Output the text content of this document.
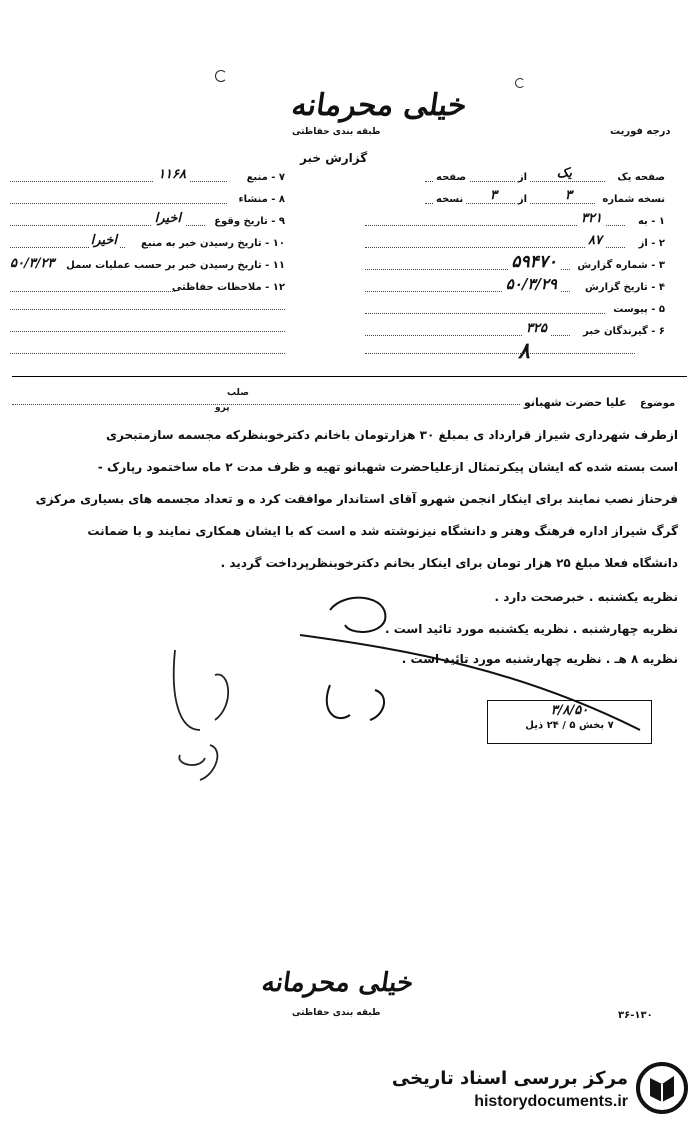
خیلی محرمانه
طبقه بندی حفاظتی
گزارش خبر
درجه فوریت
۷ - منبع
۱۱۶۸
۸ - منشاء
۹ - تاریخ وقوع
اخیرا
۱۰ - تاریخ رسیدن خبر به منبع
اخیرا
۱۱ - تاریخ رسیدن خبر بر حسب عملیات سمل
۵۰/۳/۲۳
۱۲ - ملاحظات حفاظتی
صفحه یک
یک
از
صفحه
نسخه شماره
۳
از
۳
نسخه
۱ - به
۳۲۱
۲ - از
۸۷
۳ - شماره گزارش
۵۹۴۷۰
۴ - تاریخ گزارش
۵۰/۳/۲۹
۵ - پیوست
۶ - گیرندگان خبر
۳۲۵
۸
صلب
پرو	موضوع
علیا حضرت شهبانو
ازطرف شهرداری شیراز قرارداد ی بمبلغ ۳۰ هزارتومان باخانم دکترخوبنظرکه مجسمه سازمتبحری
است بسته شده که ایشان پیکرتمثال ازعلیاحضرت شهبانو تهیه و ظرف مدت ۲ ماه ساختمود رپارک -
فرحناز نصب نمایند برای اینکار انجمن شهرو آقای استاندار موافقت کرد ه و تعداد مجسمه های بسیاری مرکزی
گرگ شیراز اداره فرهنگ وهنر و دانشگاه نیزنوشته شد ه است که با ایشان همکاری نمایند و با ضمانت
دانشگاه فعلا مبلغ ۲۵ هزار تومان برای اینکار بخانم دکترخوبنظرپرداخت گردید .
نظریه یکشنبه . خبرصحت دارد .
نظریه چهارشنبه . نظریه یکشنبه مورد تائید است .
نظریه ۸ هـ . نظریه چهارشنبه مورد تائید است .
۳/۸/۵۰
۷ بخش ۵ / ۲۴ ذیل
خیلی محرمانه
طبقه بندی حفاظتی	۳۶-۱۳۰
مرکز بررسی اسناد تاریخی
historydocuments.ir
